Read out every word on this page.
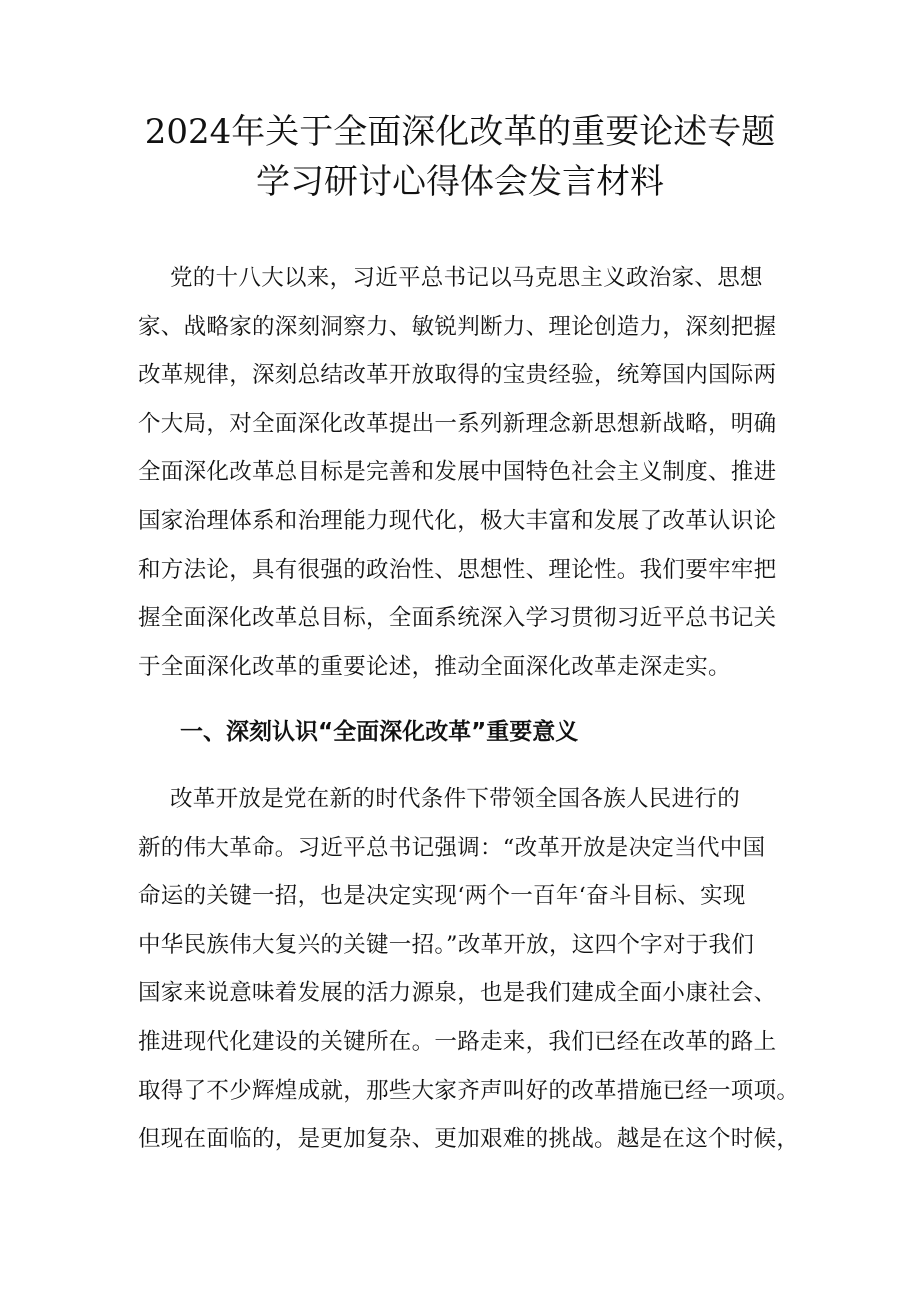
2024年关于全面深化改革的重要论述专题
学习研讨心得体会发言材料
党的十八大以来，习近平总书记以马克思主义政治家、思想
家、战略家的深刻洞察力、敏锐判断力、理论创造力，深刻把握
改革规律，深刻总结改革开放取得的宝贵经验，统筹国内国际两
个大局，对全面深化改革提出一系列新理念新思想新战略，明确
全面深化改革总目标是完善和发展中国特色社会主义制度、推进
国家治理体系和治理能力现代化，极大丰富和发展了改革认识论
和方法论，具有很强的政治性、思想性、理论性。我们要牢牢把
握全面深化改革总目标，全面系统深入学习贯彻习近平总书记关
于全面深化改革的重要论述，推动全面深化改革走深走实。
一、深刻认识“全面深化改革”重要意义
改革开放是党在新的时代条件下带领全国各族人民进行的
新的伟大革命。习近平总书记强调：“改革开放是决定当代中国
命运的关键一招，也是决定实现‘两个一百年‘奋斗目标、实现
中华民族伟大复兴的关键一招。”改革开放，这四个字对于我们
国家来说意味着发展的活力源泉，也是我们建成全面小康社会、
推进现代化建设的关键所在。一路走来，我们已经在改革的路上
取得了不少辉煌成就，那些大家齐声叫好的改革措施已经一项项。
但现在面临的，是更加复杂、更加艰难的挑战。越是在这个时候，
